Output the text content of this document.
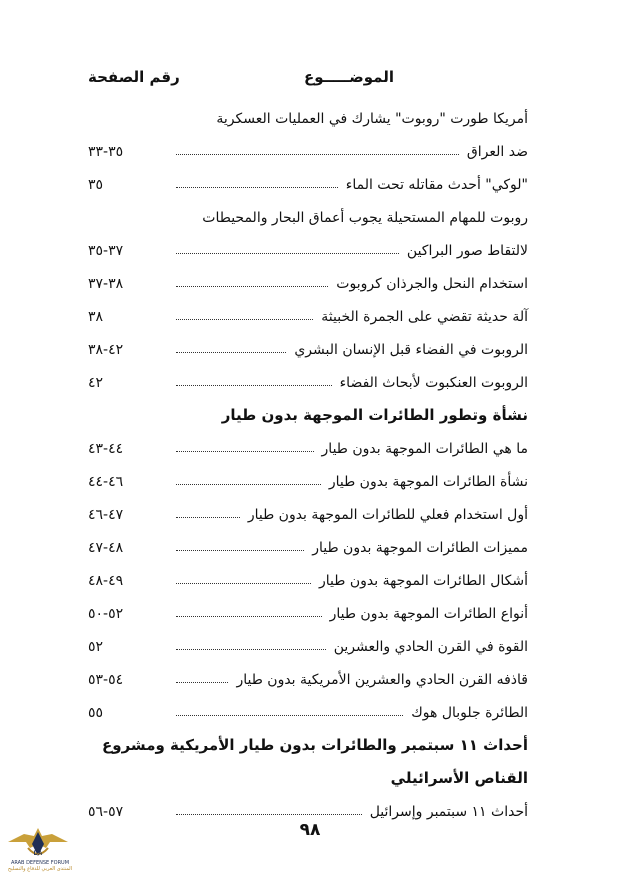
الموضـــــوع
رقم الصفحة
أمريكا طورت "روبوت" يشارك في العمليات العسكرية
ضد العراق
٣٥-٣٣
"لوكي" أحدث مقاتله تحت الماء
٣٥
روبوت للمهام المستحيلة يجوب أعماق البحار والمحيطات
لالتقاط صور البراكين
٣٧-٣٥
استخدام النحل والجرذان كروبوت
٣٨-٣٧
آلة حديثة تقضي على الجمرة الخبيثة
٣٨
الروبوت في الفضاء قبل الإنسان البشري
٤٢-٣٨
الروبوت العنكبوت لأبحاث الفضاء
٤٢
نشأة وتطور الطائرات الموجهة بدون طيار
ما هي الطائرات الموجهة بدون طيار
٤٤-٤٣
نشأة الطائرات الموجهة بدون طيار
٤٦-٤٤
أول استخدام فعلي للطائرات الموجهة بدون طيار
٤٧-٤٦
مميزات الطائرات الموجهة بدون طيار
٤٨-٤٧
أشكال الطائرات الموجهة بدون طيار
٤٩-٤٨
أنواع الطائرات الموجهة بدون طيار
٥٢-٥٠
القوة في القرن الحادي والعشرين
٥٢
قاذفه القرن الحادي والعشرين الأمريكية بدون طيار
٥٤-٥٣
الطائرة جلوبال هوك
٥٥
أحداث ١١ سبتمبر والطائرات بدون طيار الأمريكية ومشروع
القناص الأسرائيلي
أحداث ١١ سبتمبر وإسرائيل
٥٧-٥٦
٩٨
DA
ARAB DEFENSE FORUM
المنتدى العربي للدفاع والتسليح
